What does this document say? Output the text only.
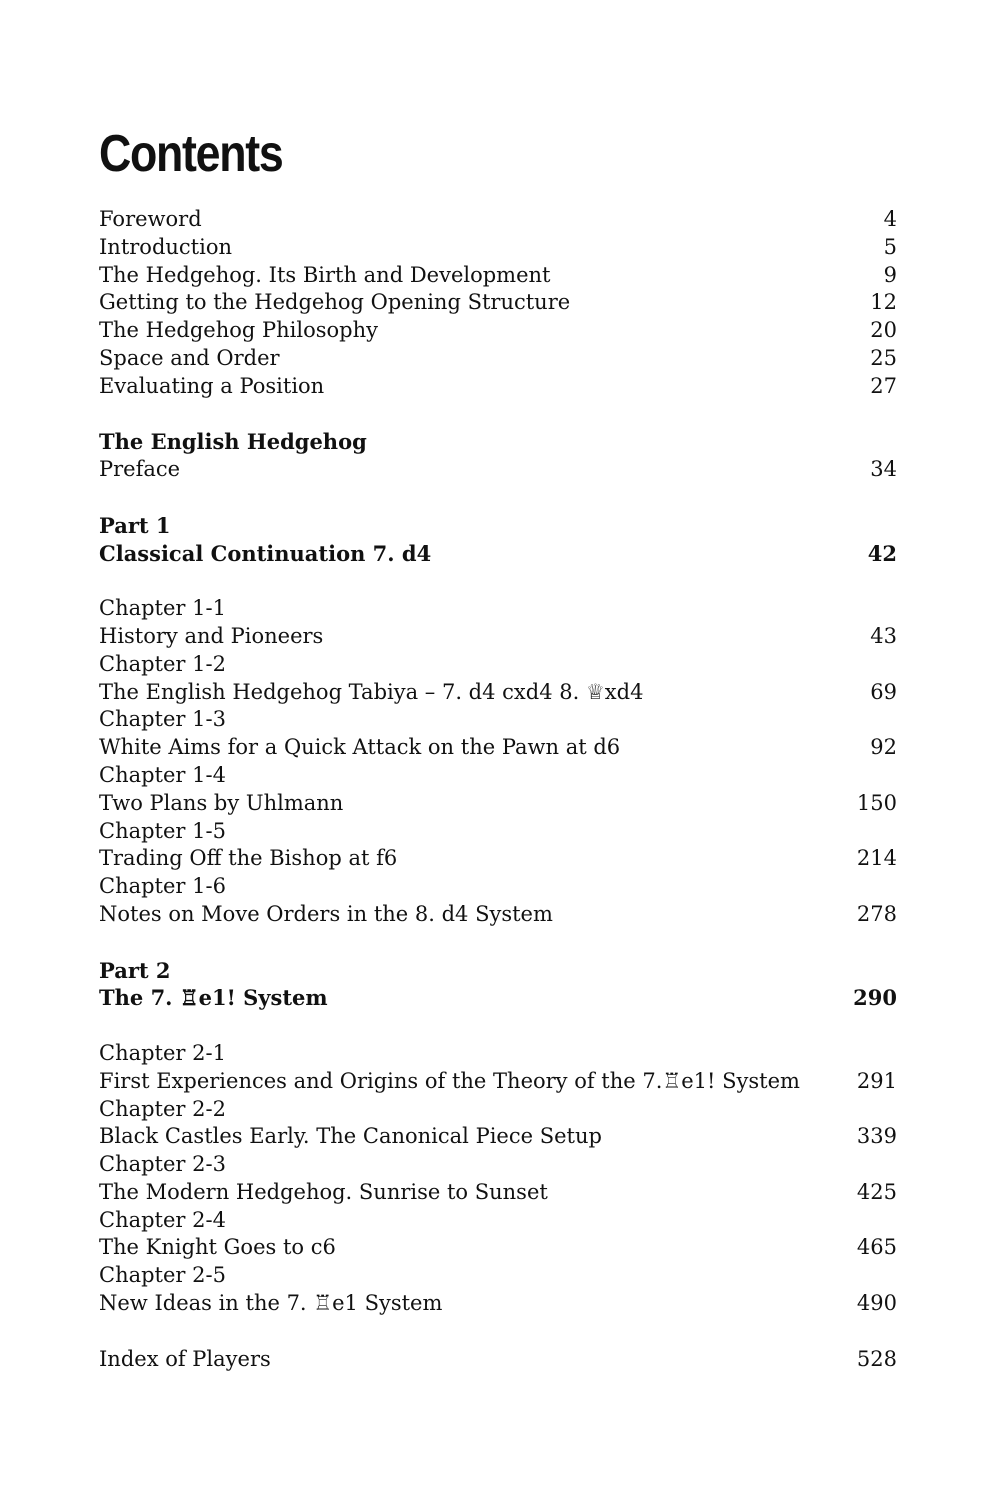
Contents
Foreword	4
Introduction	5
The Hedgehog. Its Birth and Development	9
Getting to the Hedgehog Opening Structure	12
The Hedgehog Philosophy	20
Space and Order	25
Evaluating a Position	27
The English Hedgehog
Preface	34
Part 1
Classical Continuation 7. d4	42
Chapter 1-1
History and Pioneers	43
Chapter 1-2
The English Hedgehog Tabiya – 7. d4 cxd4 8. ♕xd4	69
Chapter 1-3
White Aims for a Quick Attack on the Pawn at d6	92
Chapter 1-4
Two Plans by Uhlmann	150
Chapter 1-5
Trading Off the Bishop at f6	214
Chapter 1-6
Notes on Move Orders in the 8. d4 System	278
Part 2
The 7. ♖e1! System	290
Chapter 2-1
First Experiences and Origins of the Theory of the 7.♖e1! System	291
Chapter 2-2
Black Castles Early. The Canonical Piece Setup	339
Chapter 2-3
The Modern Hedgehog. Sunrise to Sunset	425
Chapter 2-4
The Knight Goes to c6	465
Chapter 2-5
New Ideas in the 7. ♖e1 System	490
Index of Players	528
